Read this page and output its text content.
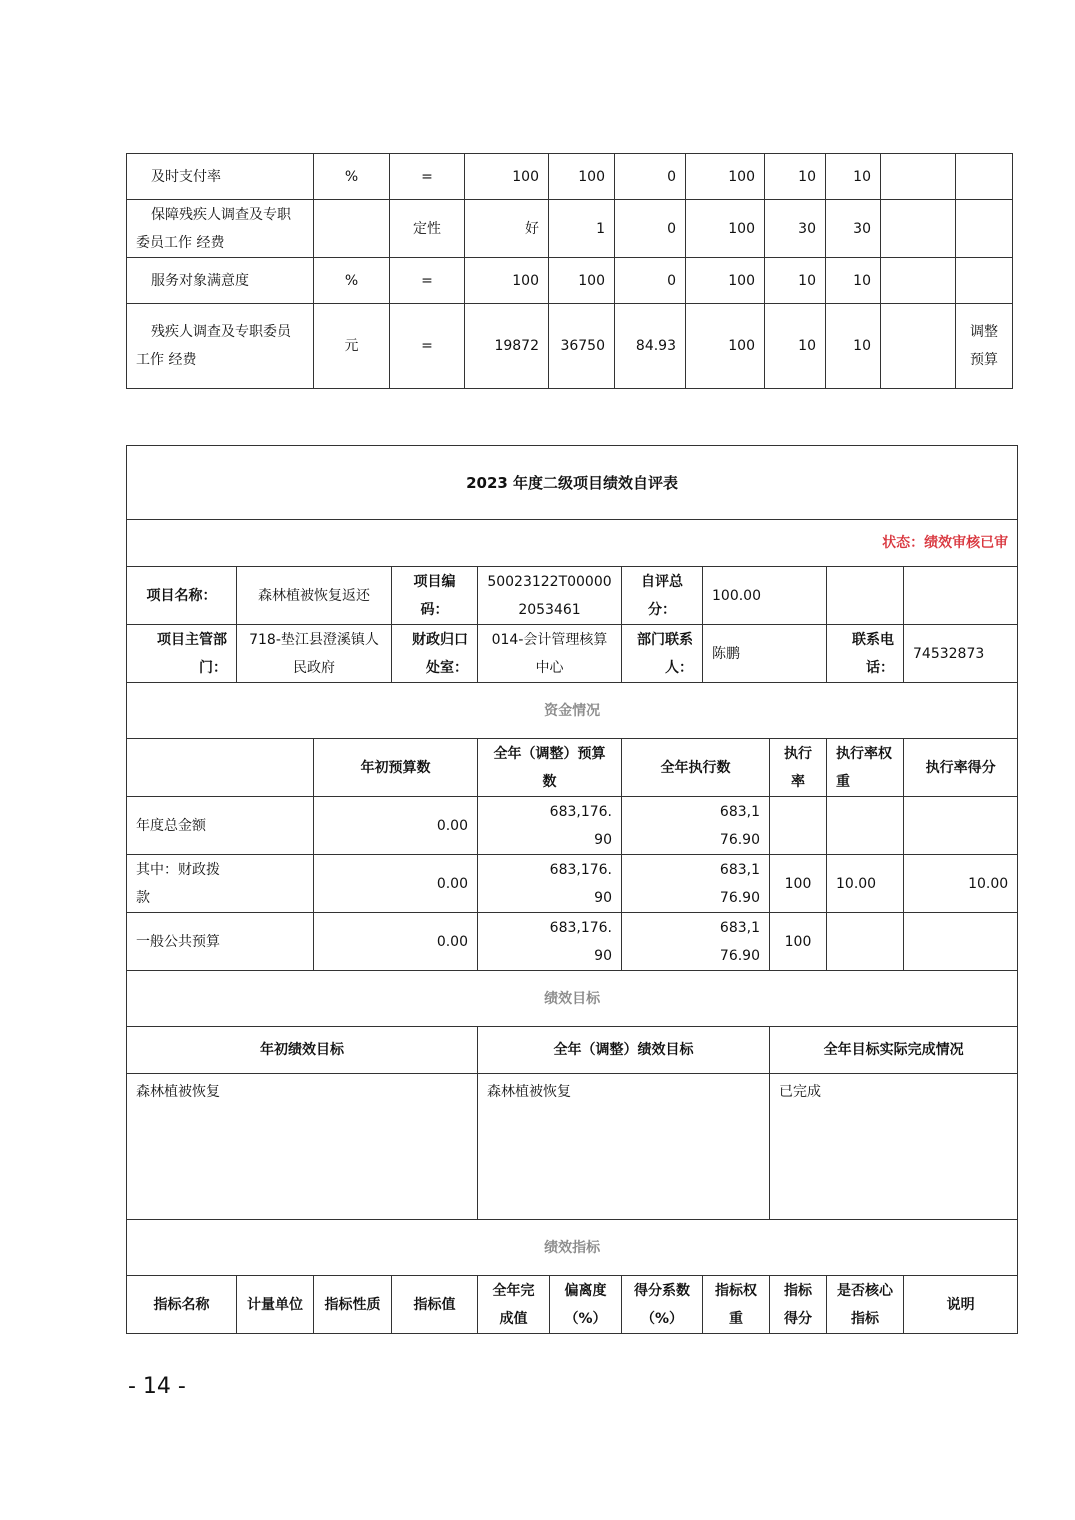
及时支付率	%	=	100	100	0	100	10	10		
保障残疾人调查及专职委员工作 经费		定性	好	1	0	100	30	30		
服务对象满意度	%	=	100	100	0	100	10	10		
残疾人调查及专职委员工作 经费	元	=	19872	36750	84.93	100	10	10		调整预算
2023 年度二级项目绩效自评表										
状态：绩效审核已审										
项目名称：	森林植被恢复返还		项目编码：	50023122T000002053461		自评总分：	100.00			
项目主管部门：	718-垫江县澄溪镇人民政府		财政归口处室：	014-会计管理核算中心		部门联系人：	陈鹏		联系电话：	74532873
资金情况										
		年初预算数		全年（调整）预算数		全年执行数		执行率	执行率权重	执行率得分
年度总金额		0.00		683,176.90		683,176.90				
其中：财政拨款		0.00		683,176.90		683,176.90		100	10.00	10.00
一般公共预算		0.00		683,176.90		683,176.90		100		
绩效目标										
年初绩效目标				全年（调整）绩效目标				全年目标实际完成情况		
森林植被恢复				森林植被恢复				已完成		
绩效指标										
指标名称	计量单位	指标性质	指标值	全年完成值	偏离度（%）	得分系数（%）	指标权重	指标得分	是否核心指标	说明
- 14 -
